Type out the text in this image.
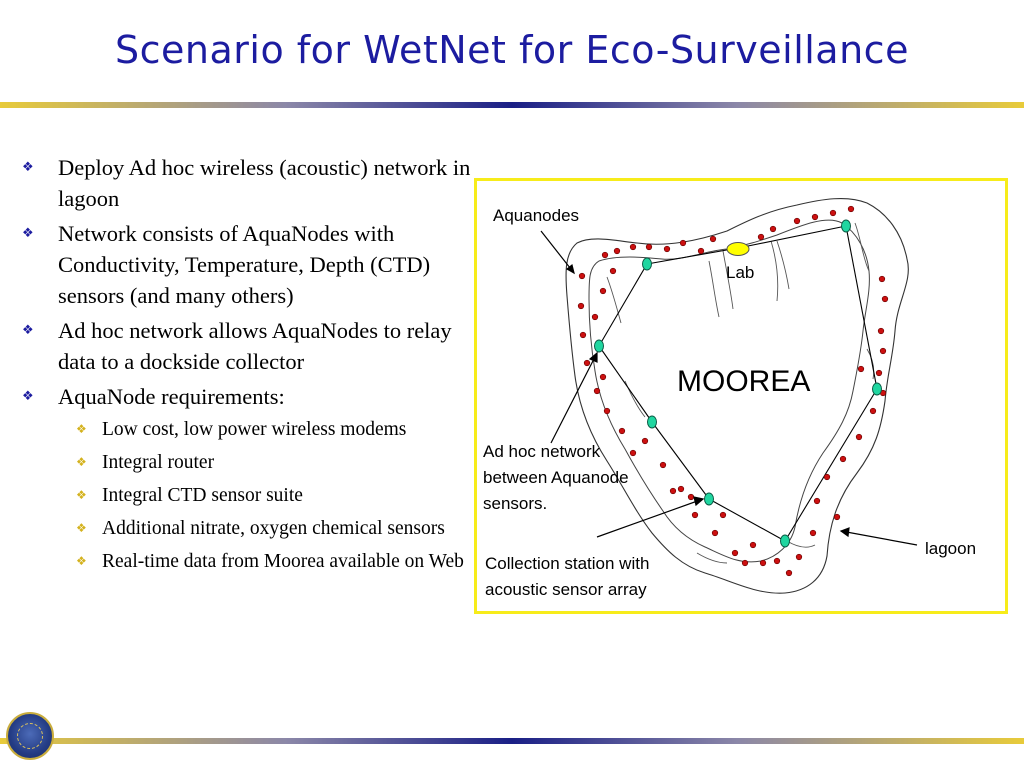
Scenario for WetNet for Eco-Surveillance
❖ Deploy Ad hoc wireless (acoustic) network in lagoon
❖ Network consists of AquaNodes with Conductivity, Temperature, Depth (CTD) sensors (and many others)
❖ Ad hoc network allows AquaNodes to relay data to a dockside collector
❖ AquaNode requirements:
❖ Low cost, low power wireless modems
❖ Integral router
❖ Integral CTD sensor suite
❖ Additional nitrate, oxygen chemical sensors
❖ Real-time data from Moorea available on Web
Aquanodes
Lab
MOOREA
Ad hoc network
between Aquanode
sensors.
Collection station with
acoustic sensor array
lagoon
